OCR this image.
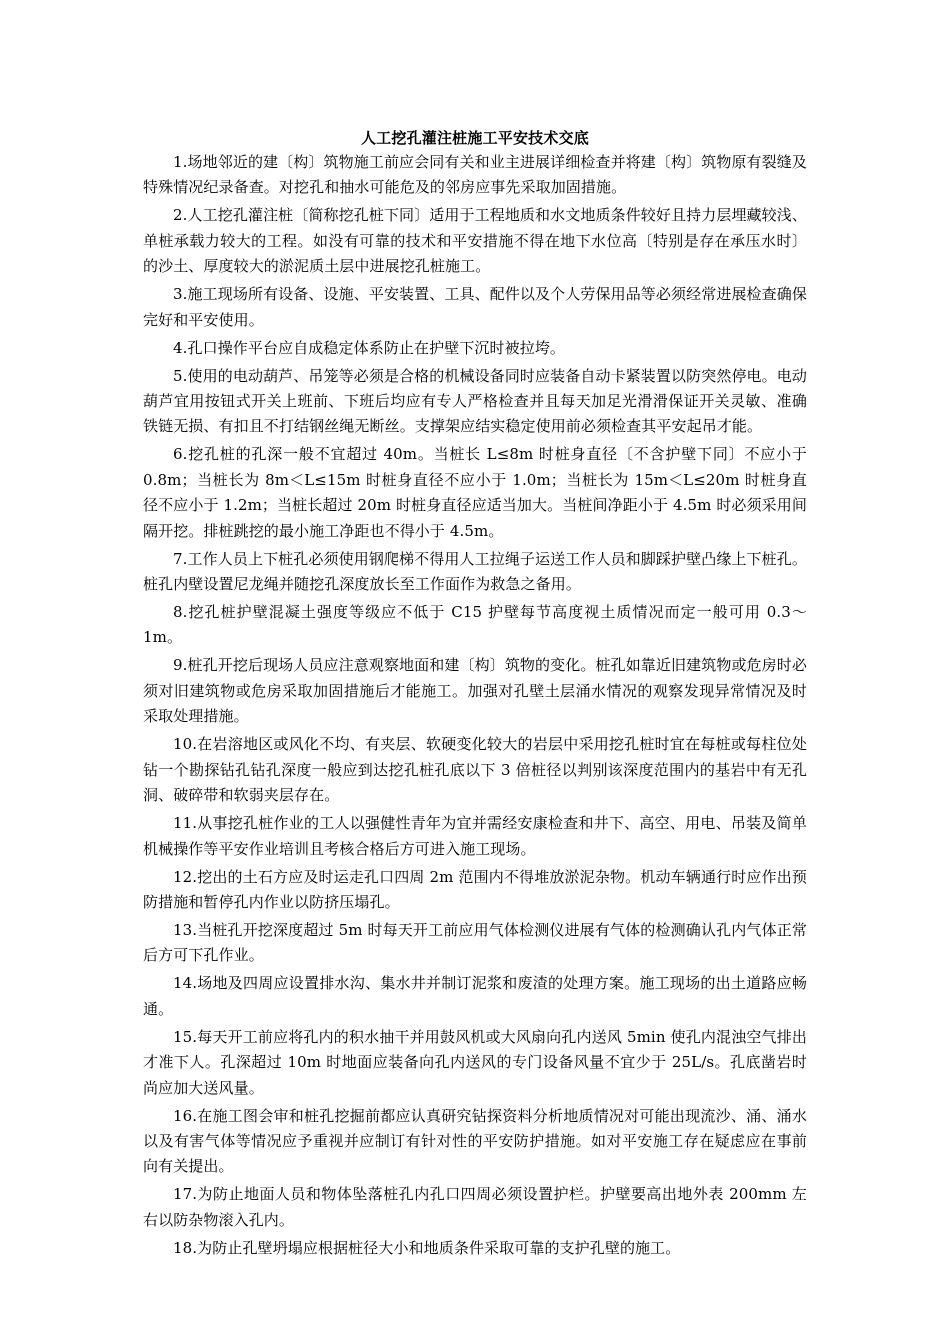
人工挖孔灌注桩施工平安技术交底

1.场地邻近的建〔构〕筑物施工前应会同有关和业主进展详细检查并将建〔构〕筑物原有裂缝及特殊情况纪录备查。对挖孔和抽水可能危及的邻房应事先采取加固措施。

2.人工挖孔灌注桩〔简称挖孔桩下同〕适用于工程地质和水文地质条件较好且持力层埋藏较浅、单桩承载力较大的工程。如没有可靠的技术和平安措施不得在地下水位高〔特别是存在承压水时〕的沙土、厚度较大的淤泥质土层中进展挖孔桩施工。

3.施工现场所有设备、设施、平安装置、工具、配件以及个人劳保用品等必须经常进展检查确保完好和平安使用。

4.孔口操作平台应自成稳定体系防止在护壁下沉时被拉垮。

5.使用的电动葫芦、吊笼等必须是合格的机械设备同时应装备自动卡紧装置以防突然停电。电动葫芦宜用按钮式开关上班前、下班后均应有专人严格检查并且每天加足光滑滑保证开关灵敏、准确铁链无损、有扣且不打结钢丝绳无断丝。支撑架应结实稳定使用前必须检查其平安起吊才能。

6.挖孔桩的孔深一般不宜超过 40m。当桩长 L≤8m 时桩身直径〔不含护壁下同〕不应小于 0.8m；当桩长为 8m＜L≤15m 时桩身直径不应小于 1.0m；当桩长为 15m＜L≤20m 时桩身直径不应小于 1.2m；当桩长超过 20m 时桩身直径应适当加大。当桩间净距小于 4.5m 时必须采用间隔开挖。排桩跳挖的最小施工净距也不得小于 4.5m。

7.工作人员上下桩孔必须使用钢爬梯不得用人工拉绳子运送工作人员和脚踩护壁凸缘上下桩孔。桩孔内壁设置尼龙绳并随挖孔深度放长至工作面作为救急之备用。

8.挖孔桩护壁混凝土强度等级应不低于 C15 护壁每节高度视土质情况而定一般可用 0.3～1m。

9.桩孔开挖后现场人员应注意观察地面和建〔构〕筑物的变化。桩孔如靠近旧建筑物或危房时必须对旧建筑物或危房采取加固措施后才能施工。加强对孔壁土层涌水情况的观察发现异常情况及时采取处理措施。

10.在岩溶地区或风化不均、有夹层、软硬变化较大的岩层中采用挖孔桩时宜在每桩或每柱位处钻一个勘探钻孔钻孔深度一般应到达挖孔桩孔底以下 3 倍桩径以判别该深度范围内的基岩中有无孔洞、破碎带和软弱夹层存在。

11.从事挖孔桩作业的工人以强健性青年为宜并需经安康检查和井下、高空、用电、吊装及简单机械操作等平安作业培训且考核合格后方可进入施工现场。

12.挖出的土石方应及时运走孔口四周 2m 范围内不得堆放淤泥杂物。机动车辆通行时应作出预防措施和暂停孔内作业以防挤压塌孔。

13.当桩孔开挖深度超过 5m 时每天开工前应用气体检测仪进展有气体的检测确认孔内气体正常后方可下孔作业。

14.场地及四周应设置排水沟、集水井并制订泥浆和废渣的处理方案。施工现场的出土道路应畅通。

15.每天开工前应将孔内的积水抽干并用鼓风机或大风扇向孔内送风 5min 使孔内混浊空气排出才准下人。孔深超过 10m 时地面应装备向孔内送风的专门设备风量不宜少于 25L/s。孔底凿岩时尚应加大送风量。

16.在施工图会审和桩孔挖掘前都应认真研究钻探资料分析地质情况对可能出现流沙、涌、涌水以及有害气体等情况应予重视并应制订有针对性的平安防护措施。如对平安施工存在疑虑应在事前向有关提出。

17.为防止地面人员和物体坠落桩孔内孔口四周必须设置护栏。护壁要高出地外表 200mm 左右以防杂物滚入孔内。

18.为防止孔壁坍塌应根据桩径大小和地质条件采取可靠的支护孔壁的施工。
